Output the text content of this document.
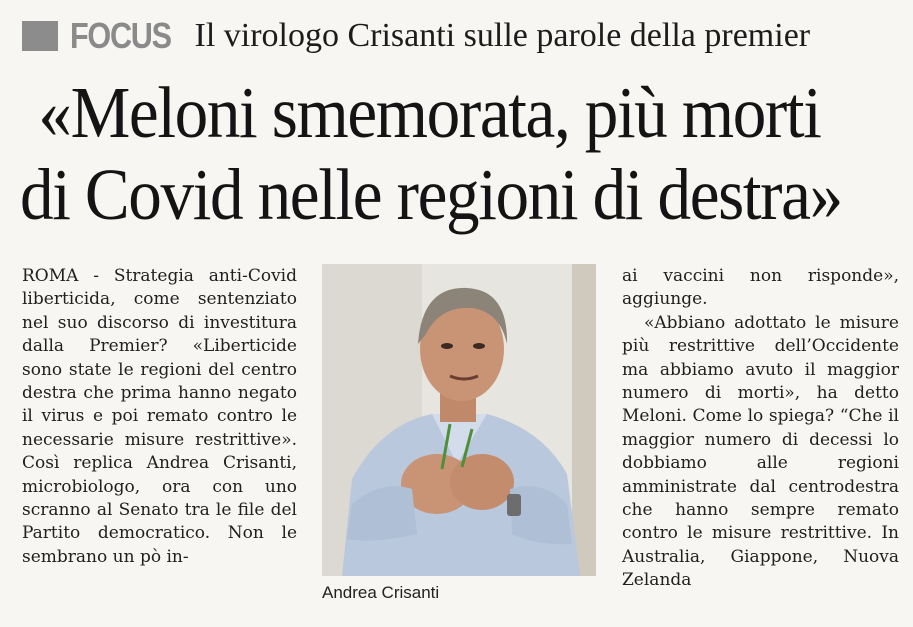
FOCUS Il virologo Crisanti sulle parole della premier
«Meloni smemorata, più morti
di Covid nelle regioni di destra»

ROMA - Strategia anti-Covid liberticida, come sentenziato nel suo discorso di investitura dalla Premier? «Liberticide sono state le regioni del centro destra che prima hanno negato il virus e poi remato contro le necessarie misure restrittive». Così replica Andrea Crisanti, microbiologo, ora con uno scranno al Senato tra le file del Partito democratico. Non le sembrano un pò in-

Andrea Crisanti

ai vaccini non risponde», aggiunge.

«Abbiano adottato le misure più restrittive dell’Occidente ma abbiamo avuto il maggior numero di morti», ha detto Meloni. Come lo spiega? “Che il maggior numero di decessi lo dobbiamo alle regioni amministrate dal centrodestra che hanno sempre remato contro le misure restrittive. In Australia, Giappone, Nuova Zelanda
